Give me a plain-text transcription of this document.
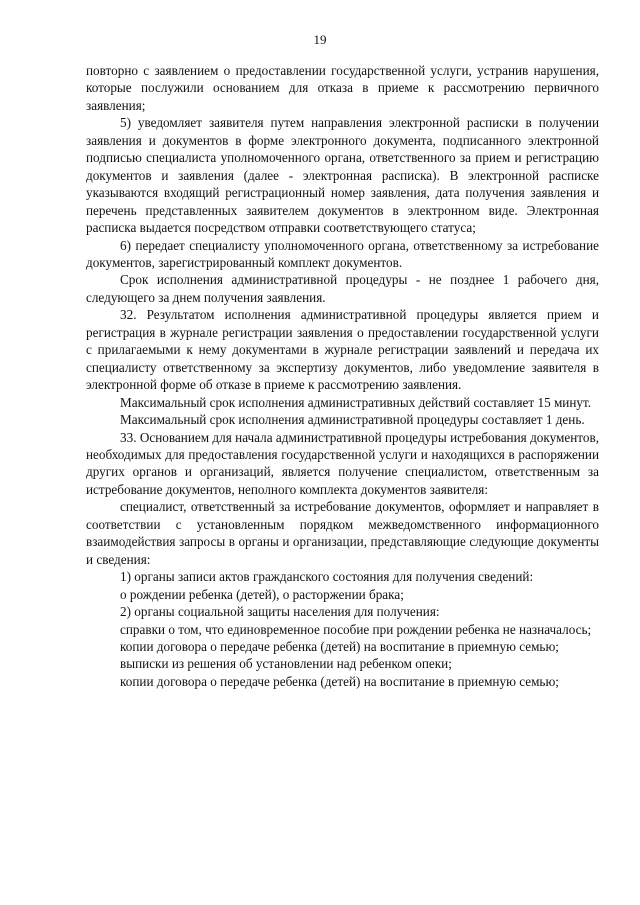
19

повторно с заявлением о предоставлении государственной услуги, устранив нарушения, которые послужили основанием для отказа в приеме к рассмотрению первичного заявления;

5) уведомляет заявителя путем направления электронной расписки в получении заявления и документов в форме электронного документа, подписанного электронной подписью специалиста уполномоченного органа, ответственного за прием и регистрацию документов и заявления (далее - электронная расписка). В электронной расписке указываются входящий регистрационный номер заявления, дата получения заявления и перечень представленных заявителем документов в электронном виде. Электронная расписка выдается посредством отправки соответствующего статуса;

6) передает специалисту уполномоченного органа, ответственному за истребование документов, зарегистрированный комплект документов.

Срок исполнения административной процедуры - не позднее 1 рабочего дня, следующего за днем получения заявления.

32. Результатом исполнения административной процедуры является прием и регистрация в журнале регистрации заявления о предоставлении государственной услуги с прилагаемыми к нему документами в журнале регистрации заявлений и передача их специалисту ответственному за экспертизу документов, либо уведомление заявителя в электронной форме об отказе в приеме к рассмотрению заявления.

Максимальный срок исполнения административных действий составляет 15 минут.

Максимальный срок исполнения административной процедуры составляет 1 день.

33. Основанием для начала административной процедуры истребования документов, необходимых для предоставления государственной услуги и находящихся в распоряжении других органов и организаций, является получение специалистом, ответственным за истребование документов, неполного комплекта документов заявителя:

специалист, ответственный за истребование документов, оформляет и направляет в соответствии с установленным порядком межведомственного информационного взаимодействия запросы в органы и организации, представляющие следующие документы и сведения:

1) органы записи актов гражданского состояния для получения сведений:

о рождении ребенка (детей), о расторжении брака;

2) органы социальной защиты населения для получения:

справки о том, что единовременное пособие при рождении ребенка не назначалось;

копии договора о передаче ребенка (детей) на воспитание в приемную семью;

выписки из решения об установлении над ребенком опеки;

копии договора о передаче ребенка (детей) на воспитание в приемную семью;
